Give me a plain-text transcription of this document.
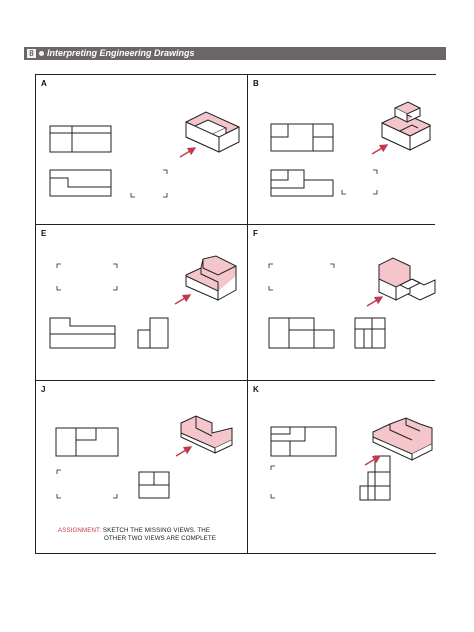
8 Interpreting Engineering Drawings
A	B
E	F
J	K
ASSIGNMENT: SKETCH THE MISSING VIEWS. THE
OTHER TWO VIEWS ARE COMPLETE
